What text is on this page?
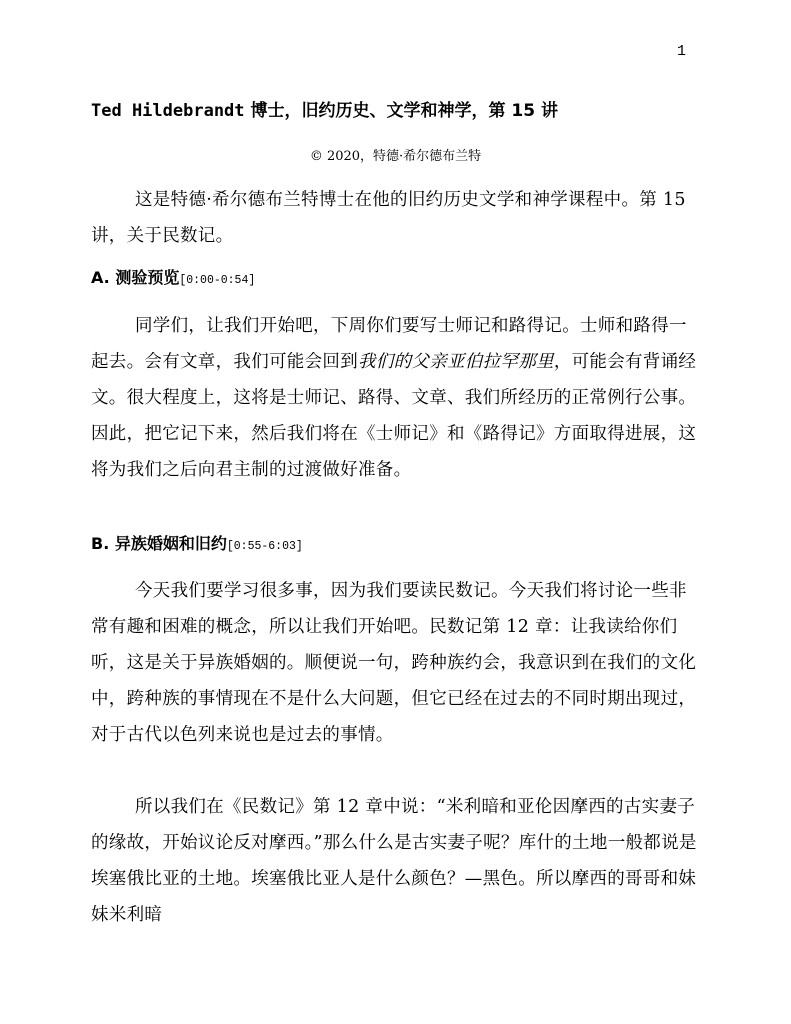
1
Ted Hildebrandt 博士，旧约历史、文学和神学，第 15 讲
© 2020，特德·希尔德布兰特
这是特德·希尔德布兰特博士在他的旧约历史文学和神学课程中。第 15 讲，关于民数记。
A. 测验预览[0:00-0:54]
同学们，让我们开始吧，下周你们要写士师记和路得记。士师和路得一起去。会有文章，我们可能会回到我们的父亲亚伯拉罕那里，可能会有背诵经文。很大程度上，这将是士师记、路得、文章、我们所经历的正常例行公事。因此，把它记下来，然后我们将在《士师记》和《路得记》方面取得进展，这将为我们之后向君主制的过渡做好准备。
B. 异族婚姻和旧约[0:55-6:03]
今天我们要学习很多事，因为我们要读民数记。今天我们将讨论一些非常有趣和困难的概念，所以让我们开始吧。民数记第 12 章：让我读给你们听，这是关于异族婚姻的。顺便说一句，跨种族约会，我意识到在我们的文化中，跨种族的事情现在不是什么大问题，但它已经在过去的不同时期出现过，对于古代以色列来说也是过去的事情。
所以我们在《民数记》第 12 章中说：“米利暗和亚伦因摩西的古实妻子的缘故，开始议论反对摩西。”那么什么是古实妻子呢？库什的土地一般都说是埃塞俄比亚的土地。埃塞俄比亚人是什么颜色？—黑色。所以摩西的哥哥和妹妹米利暗
